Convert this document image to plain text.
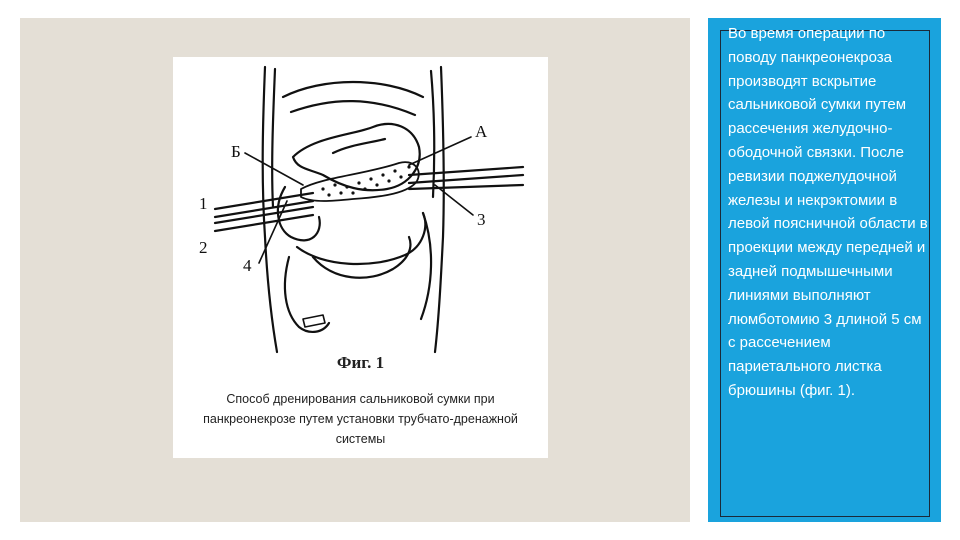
А
Б
1
2
3
4
Фиг. 1
Способ дренирования сальниковой сумки при панкреонекрозе путем установки трубчато-дренажной системы
Во время операции по поводу панкреонекроза производят вскрытие сальниковой сумки путем рассечения желудочно-ободочной связки. После ревизии поджелудочной железы и некрэктомии в левой поясничной области в проекции между передней и задней подмышечными линиями выполняют люмботомию 3 длиной 5 см с рассечением париетального листка брюшины (фиг. 1).
